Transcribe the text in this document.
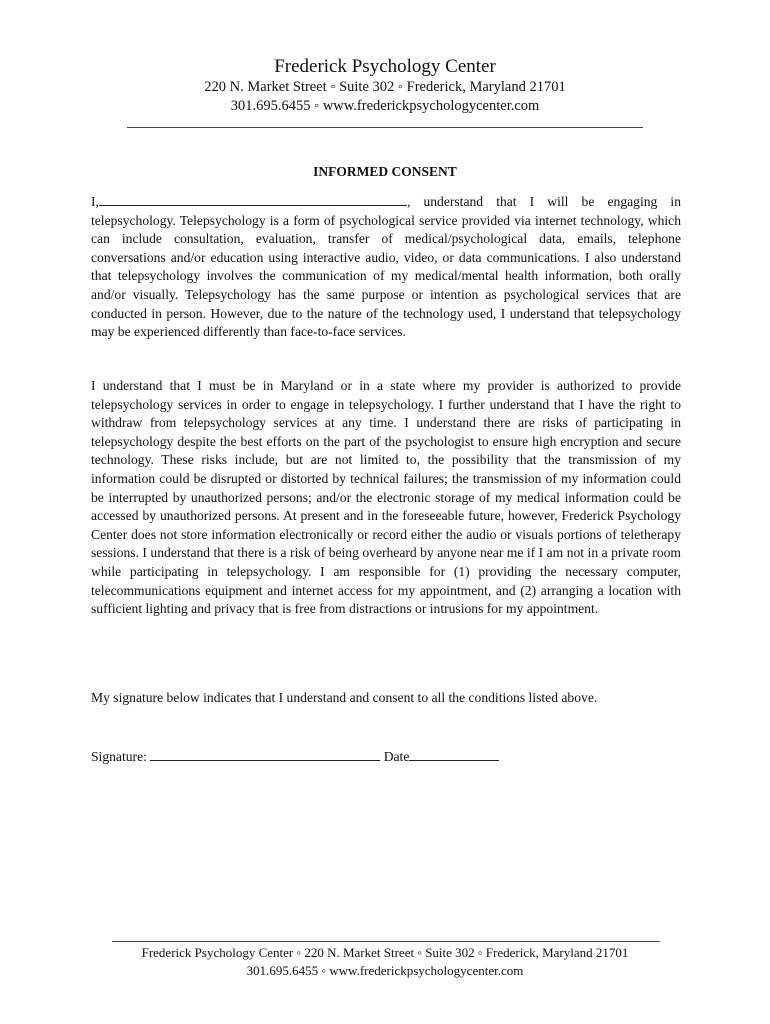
Frederick Psychology Center
220 N. Market Street ◦ Suite 302 ◦ Frederick, Maryland 21701
301.695.6455 ◦ www.frederickpsychologycenter.com
INFORMED CONSENT

I,	, understand that I will be engaging in telepsychology. Telepsychology is a form of psychological service provided via internet technology, which can include consultation, evaluation, transfer of medical/psychological data, emails, telephone conversations and/or education using interactive audio, video, or data communications. I also understand that telepsychology involves the communication of my medical/mental health information, both orally and/or visually. Telepsychology has the same purpose or intention as psychological services that are conducted in person. However, due to the nature of the technology used, I understand that telepsychology may be experienced differently than face-to-face services.

I understand that I must be in Maryland or in a state where my provider is authorized to provide telepsychology services in order to engage in telepsychology. I further understand that I have the right to withdraw from telepsychology services at any time. I understand there are risks of participating in telepsychology despite the best efforts on the part of the psychologist to ensure high encryption and secure technology. These risks include, but are not limited to, the possibility that the transmission of my information could be disrupted or distorted by technical failures; the transmission of my information could be interrupted by unauthorized persons; and/or the electronic storage of my medical information could be accessed by unauthorized persons. At present and in the foreseeable future, however, Frederick Psychology Center does not store information electronically or record either the audio or visuals portions of teletherapy sessions. I understand that there is a risk of being overheard by anyone near me if I am not in a private room while participating in telepsychology. I am responsible for (1) providing the necessary computer, telecommunications equipment and internet access for my appointment, and (2) arranging a location with sufficient lighting and privacy that is free from distractions or intrusions for my appointment.

My signature below indicates that I understand and consent to all the conditions listed above.

Signature:	Date
Frederick Psychology Center ◦ 220 N. Market Street ◦ Suite 302 ◦ Frederick, Maryland 21701
301.695.6455 ◦ www.frederickpsychologycenter.com
